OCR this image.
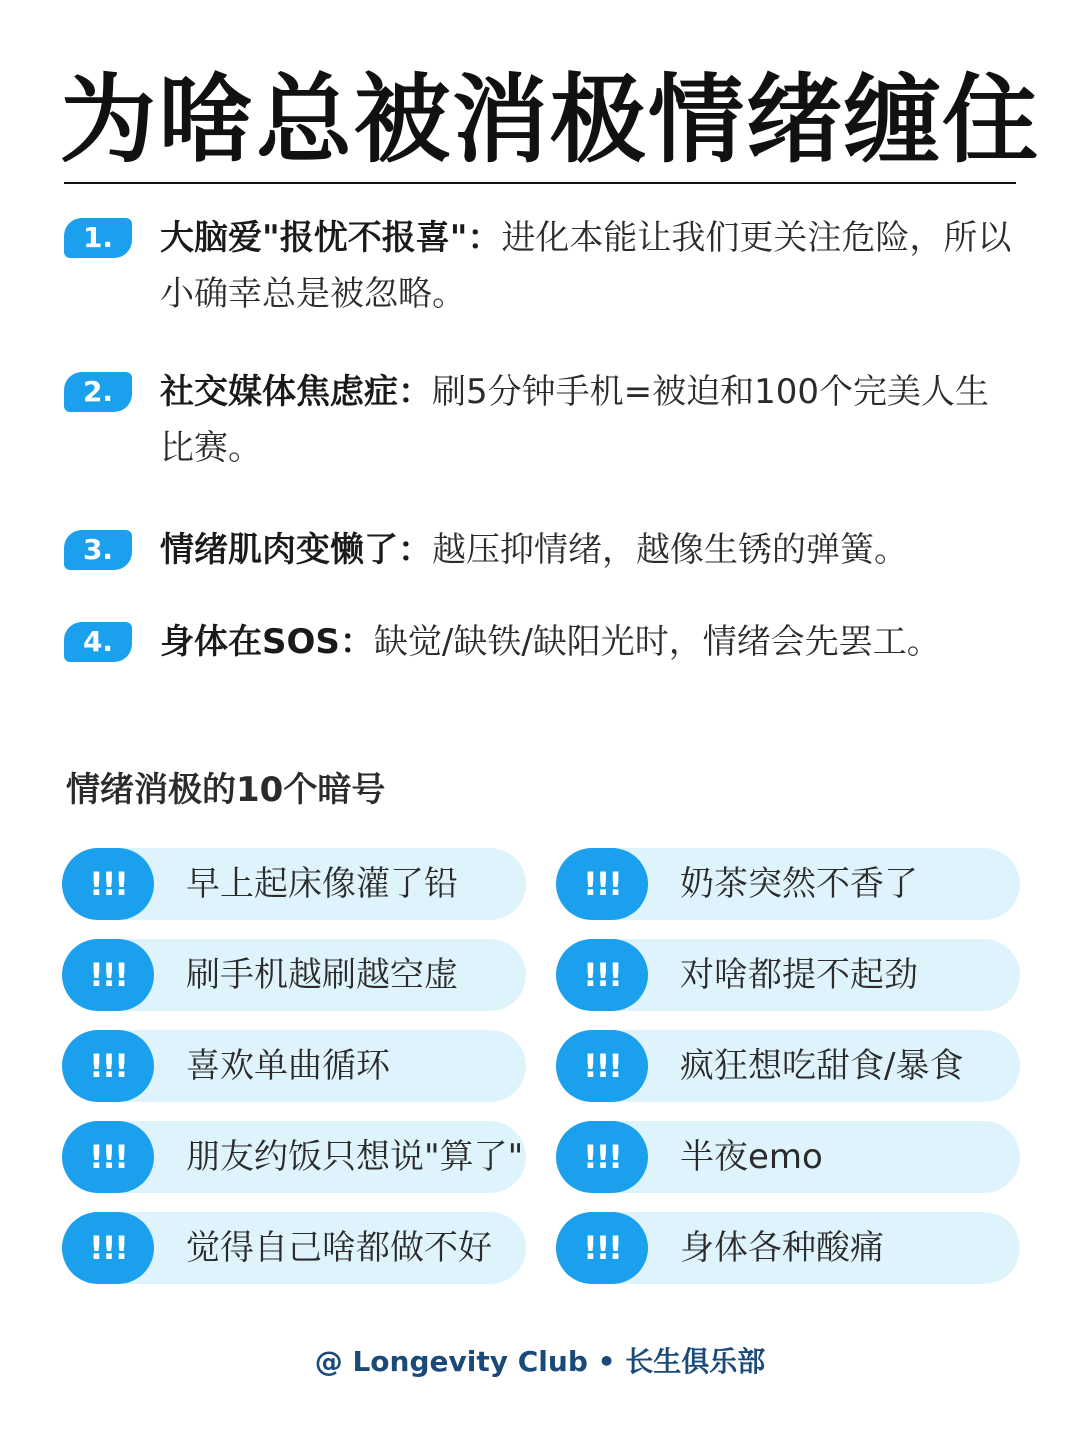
为啥总被消极情绪缠住
1.	大脑爱"报忧不报喜"：进化本能让我们更关注危险，所以小确幸总是被忽略。
2.	社交媒体焦虑症：刷5分钟手机=被迫和100个完美人生比赛。
3.	情绪肌肉变懒了：越压抑情绪，越像生锈的弹簧。
4.	身体在SOS：缺觉/缺铁/缺阳光时，情绪会先罢工。
情绪消极的10个暗号
!!!	早上起床像灌了铅	!!!	奶茶突然不香了
!!!	刷手机越刷越空虚	!!!	对啥都提不起劲
!!!	喜欢单曲循环	!!!	疯狂想吃甜食/暴食
!!!	朋友约饭只想说"算了"	!!!	半夜emo
!!!	觉得自己啥都做不好	!!!	身体各种酸痛
@ Longevity Club • 长生俱乐部
